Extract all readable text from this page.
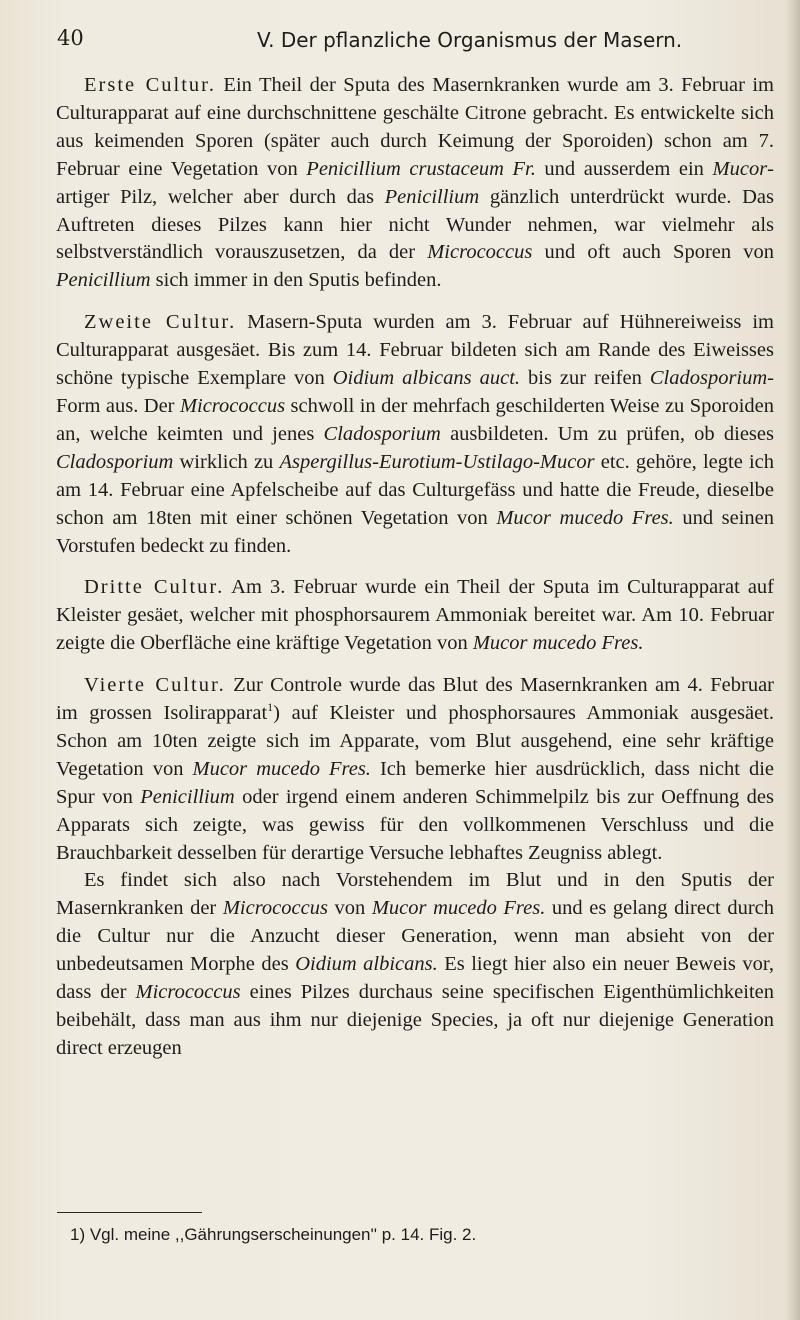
40	V. Der pflanzliche Organismus der Masern.

Erste Cultur. Ein Theil der Sputa des Masernkranken wurde am 3. Februar im Culturapparat auf eine durchschnittene geschälte Citrone gebracht. Es entwickelte sich aus keimenden Sporen (später auch durch Keimung der Sporoiden) schon am 7. Februar eine Vegetation von Penicillium crustaceum Fr. und ausserdem ein Mucor-artiger Pilz, welcher aber durch das Penicillium gänzlich unterdrückt wurde. Das Auftreten dieses Pilzes kann hier nicht Wunder nehmen, war vielmehr als selbstverständlich vorauszusetzen, da der Micrococcus und oft auch Sporen von Penicillium sich immer in den Sputis befinden.

Zweite Cultur. Masern-Sputa wurden am 3. Februar auf Hühnereiweiss im Culturapparat ausgesäet. Bis zum 14. Februar bildeten sich am Rande des Eiweisses schöne typische Exemplare von Oidium albicans auct. bis zur reifen Cladosporium-Form aus. Der Micrococcus schwoll in der mehrfach geschilderten Weise zu Sporoiden an, welche keimten und jenes Cladosporium ausbildeten. Um zu prüfen, ob dieses Cladosporium wirklich zu Aspergillus-Eurotium-Ustilago-Mucor etc. gehöre, legte ich am 14. Februar eine Apfelscheibe auf das Culturgefäss und hatte die Freude, dieselbe schon am 18ten mit einer schönen Vegetation von Mucor mucedo Fres. und seinen Vorstufen bedeckt zu finden.

Dritte Cultur. Am 3. Februar wurde ein Theil der Sputa im Culturapparat auf Kleister gesäet, welcher mit phosphorsaurem Ammoniak bereitet war. Am 10. Februar zeigte die Oberfläche eine kräftige Vegetation von Mucor mucedo Fres.

Vierte Cultur. Zur Controle wurde das Blut des Masernkranken am 4. Februar im grossen Isolirapparat$^1$) auf Kleister und phosphorsaures Ammoniak ausgesäet. Schon am 10ten zeigte sich im Apparate, vom Blut ausgehend, eine sehr kräftige Vegetation von Mucor mucedo Fres. Ich bemerke hier ausdrücklich, dass nicht die Spur von Penicillium oder irgend einem anderen Schimmelpilz bis zur Oeffnung des Apparats sich zeigte, was gewiss für den vollkommenen Verschluss und die Brauchbarkeit desselben für derartige Versuche lebhaftes Zeugniss ablegt.

Es findet sich also nach Vorstehendem im Blut und in den Sputis der Masernkranken der Micrococcus von Mucor mucedo Fres. und es gelang direct durch die Cultur nur die Anzucht dieser Generation, wenn man absieht von der unbedeutsamen Morphe des Oidium albicans. Es liegt hier also ein neuer Beweis vor, dass der Micrococcus eines Pilzes durchaus seine specifischen Eigenthümlichkeiten beibehält, dass man aus ihm nur diejenige Species, ja oft nur diejenige Generation direct erzeugen

1) Vgl. meine ,,Gährungserscheinungen'' p. 14. Fig. 2.
